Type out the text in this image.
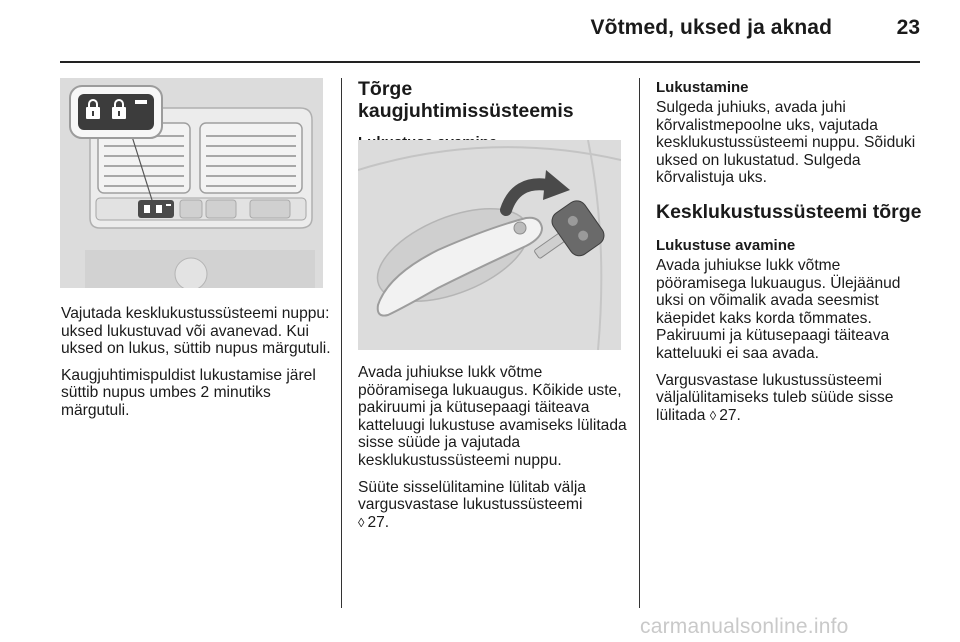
Võtmed, uksed ja aknad	23

Vajutada kesklukustussüsteemi nuppu: uksed lukustuvad või avanevad. Kui uksed on lukus, süttib nupus märgutuli.

Kaugjuhtimispuldist lukustamise järel süttib nupus umbes 2 minutiks märgutuli.

Tõrge kaugjuhtimissüsteemis

Avada juhiukse lukk võtme pööramisega lukuaugus. Kõikide uste, pakiruumi ja kütusepaagi täiteava katteluugi lukustuse avamiseks lülitada sisse süüde ja vajutada kesklukustussüsteemi nuppu.

Süüte sisselülitamine lülitab välja vargusvastase lukustussüsteemi

◊ 27.

Lukustamine

Sulgeda juhiuks, avada juhi kõrvalistmepoolne uks, vajutada kesklukustussüsteemi nuppu. Sõiduki uksed on lukustatud. Sulgeda kõrvalistuja uks.

Kesklukustussüsteemi tõrge

Lukustuse avamine

Avada juhiukse lukk võtme pööramisega lukuaugus. Ülejäänud uksi on võimalik avada seesmist käepidet kaks korda tõmmates. Pakiruumi ja kütusepaagi täiteava katteluuki ei saa avada.

Vargusvastase lukustussüsteemi väljalülitamiseks tuleb süüde sisse lülitada ◊ 27.

carmanualsonline.info
